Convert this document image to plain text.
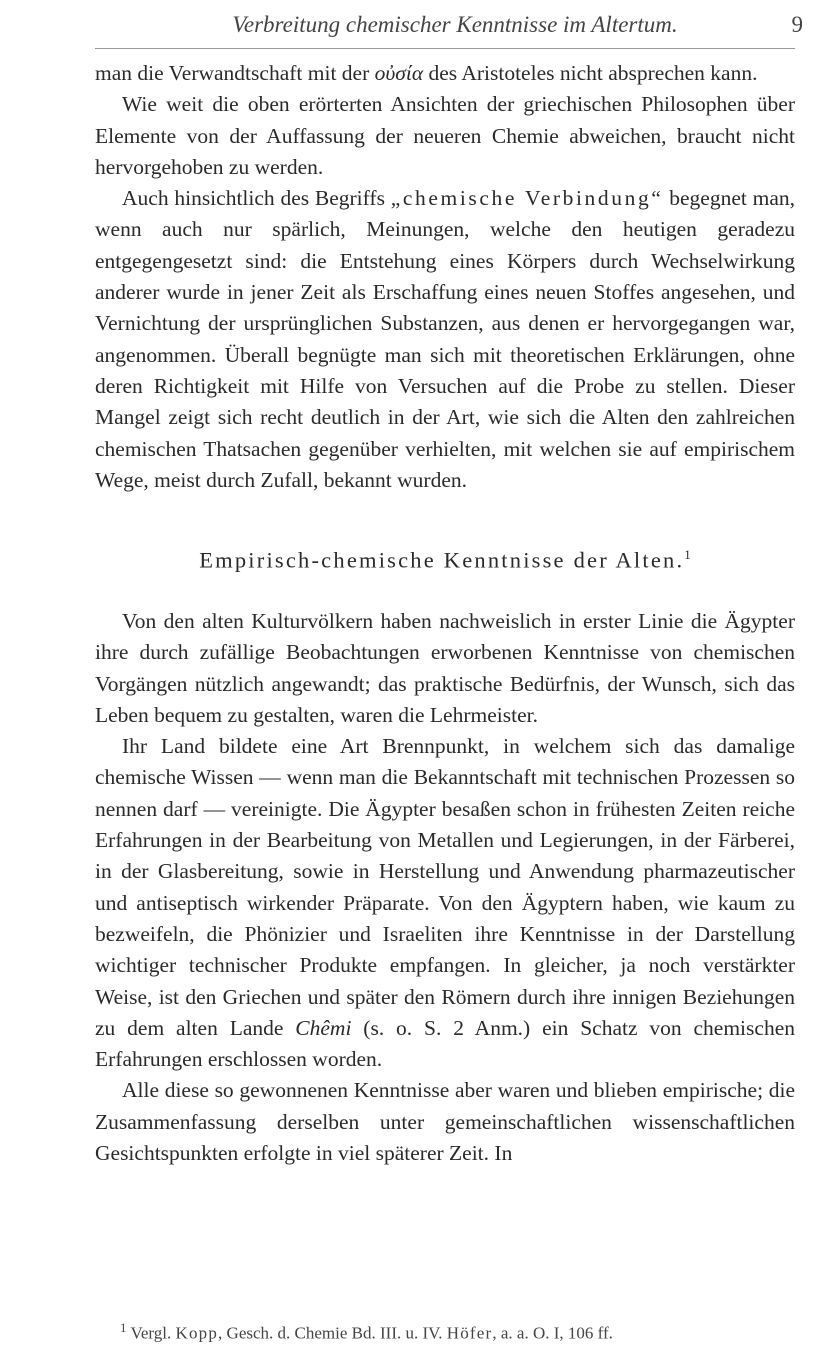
Verbreitung chemischer Kenntnisse im Altertum.	9

man die Verwandtschaft mit der οὐσία des Aristoteles nicht absprechen kann.

Wie weit die oben erörterten Ansichten der griechischen Philosophen über Elemente von der Auffassung der neueren Chemie abweichen, braucht nicht hervorgehoben zu werden.

Auch hinsichtlich des Begriffs „chemische Verbindung“ begegnet man, wenn auch nur spärlich, Meinungen, welche den heutigen geradezu entgegengesetzt sind: die Entstehung eines Körpers durch Wechselwirkung anderer wurde in jener Zeit als Erschaffung eines neuen Stoffes angesehen, und Vernichtung der ursprünglichen Substanzen, aus denen er hervorgegangen war, angenommen. Überall begnügte man sich mit theoretischen Erklärungen, ohne deren Richtigkeit mit Hilfe von Versuchen auf die Probe zu stellen. Dieser Mangel zeigt sich recht deutlich in der Art, wie sich die Alten den zahlreichen chemischen Thatsachen gegenüber verhielten, mit welchen sie auf empirischem Wege, meist durch Zufall, bekannt wurden.

Empirisch-chemische Kenntnisse der Alten.$^1$

Von den alten Kulturvölkern haben nachweislich in erster Linie die Ägypter ihre durch zufällige Beobachtungen erworbenen Kenntnisse von chemischen Vorgängen nützlich angewandt; das praktische Bedürfnis, der Wunsch, sich das Leben bequem zu gestalten, waren die Lehrmeister.

Ihr Land bildete eine Art Brennpunkt, in welchem sich das damalige chemische Wissen — wenn man die Bekanntschaft mit technischen Prozessen so nennen darf — vereinigte. Die Ägypter besaßen schon in frühesten Zeiten reiche Erfahrungen in der Bearbeitung von Metallen und Legierungen, in der Färberei, in der Glasbereitung, sowie in Herstellung und Anwendung pharmazeutischer und antiseptisch wirkender Präparate. Von den Ägyptern haben, wie kaum zu bezweifeln, die Phönizier und Israeliten ihre Kenntnisse in der Darstellung wichtiger technischer Produkte empfangen. In gleicher, ja noch verstärkter Weise, ist den Griechen und später den Römern durch ihre innigen Beziehungen zu dem alten Lande Chêmi (s. o. S. 2 Anm.) ein Schatz von chemischen Erfahrungen erschlossen worden.

Alle diese so gewonnenen Kenntnisse aber waren und blieben empirische; die Zusammenfassung derselben unter gemeinschaftlichen wissenschaftlichen Gesichtspunkten erfolgte in viel späterer Zeit. In

$^1$ Vergl. Kopp, Gesch. d. Chemie Bd. III. u. IV. Höfer, a. a. O. I, 106 ff.
